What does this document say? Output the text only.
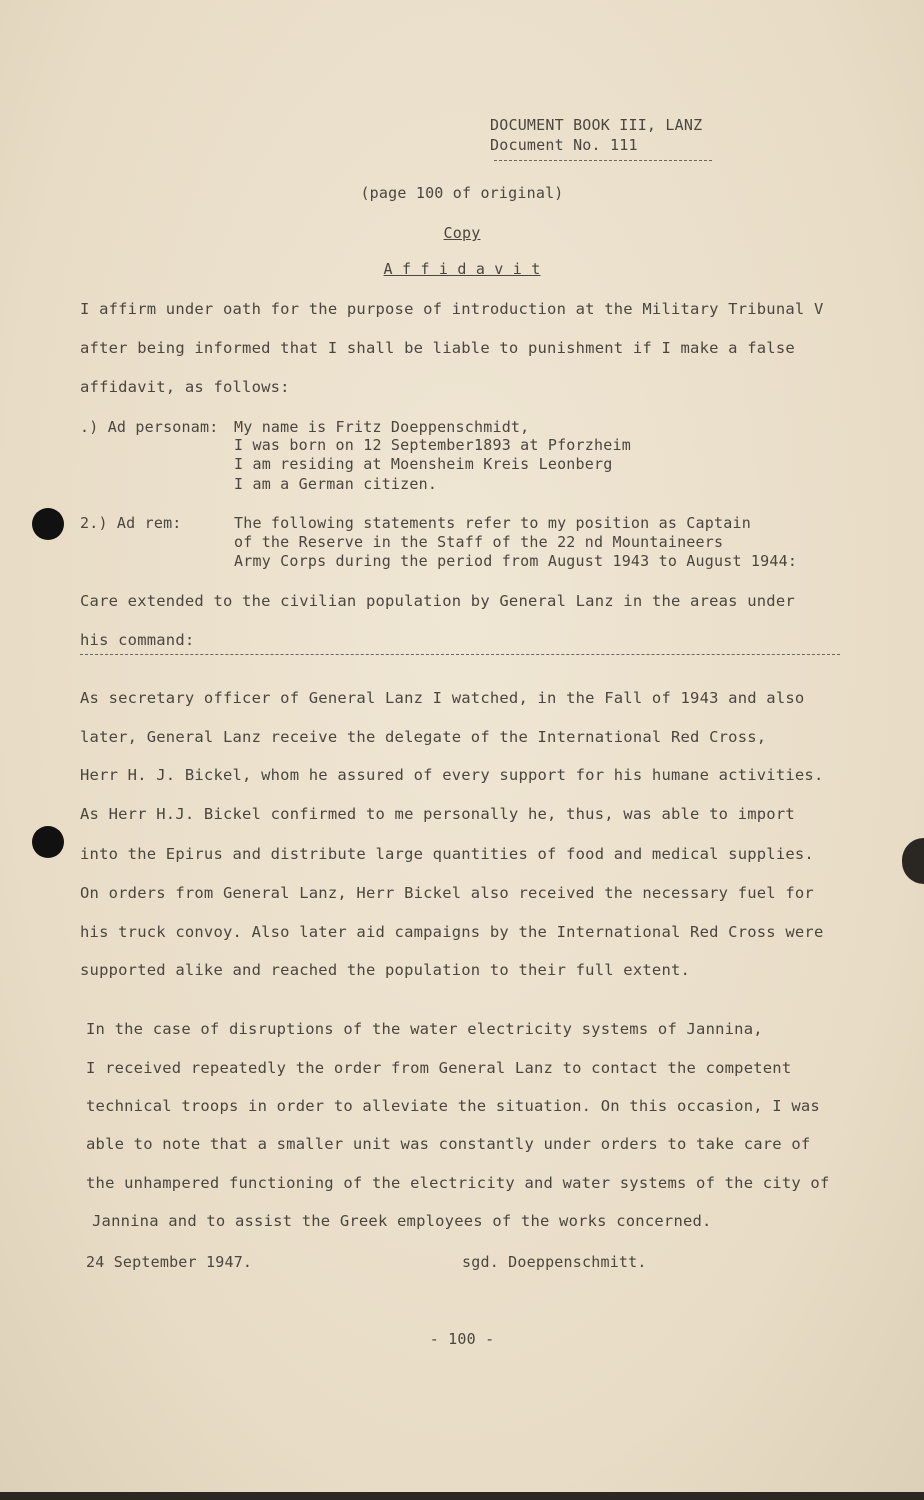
DOCUMENT BOOK III, LANZ
Document No. 111
(page 100 of original)
Copy
A f f i d a v i t
I affirm under oath for the purpose of introduction at the Military Tribunal V
after being informed that I shall be liable to punishment if I make a false
affidavit, as follows:
.) Ad personam: My name is Fritz Doeppenschmidt,
I was born on 12 September1893 at Pforzheim
I am residing at Moensheim Kreis Leonberg
I am a German citizen.
2.) Ad rem:	The following statements refer to my position as Captain
of the Reserve in the Staff of the 22 nd Mountaineers
Army Corps during the period from August 1943 to August 1944:
Care extended to the civilian population by General Lanz in the areas under
his command:
As secretary officer of General Lanz I watched, in the Fall of 1943 and also
later, General Lanz receive the delegate of the International Red Cross,
Herr H. J. Bickel, whom he assured of every support for his humane activities.
As Herr H.J. Bickel confirmed to me personally he, thus, was able to import
into the Epirus and distribute large quantities of food and medical supplies.
On orders from General Lanz, Herr Bickel also received the necessary fuel for
his truck convoy. Also later aid campaigns by the International Red Cross were
supported alike and reached the population to their full extent.
In the case of disruptions of the water electricity systems of Jannina,
I received repeatedly the order from General Lanz to contact the competent
technical troops in order to alleviate the situation. On this occasion, I was
able to note that a smaller unit was constantly under orders to take care of
the unhampered functioning of the electricity and water systems of the city of
Jannina and to assist the Greek employees of the works concerned.
24 September 1947.	sgd. Doeppenschmitt.
- 100 -
